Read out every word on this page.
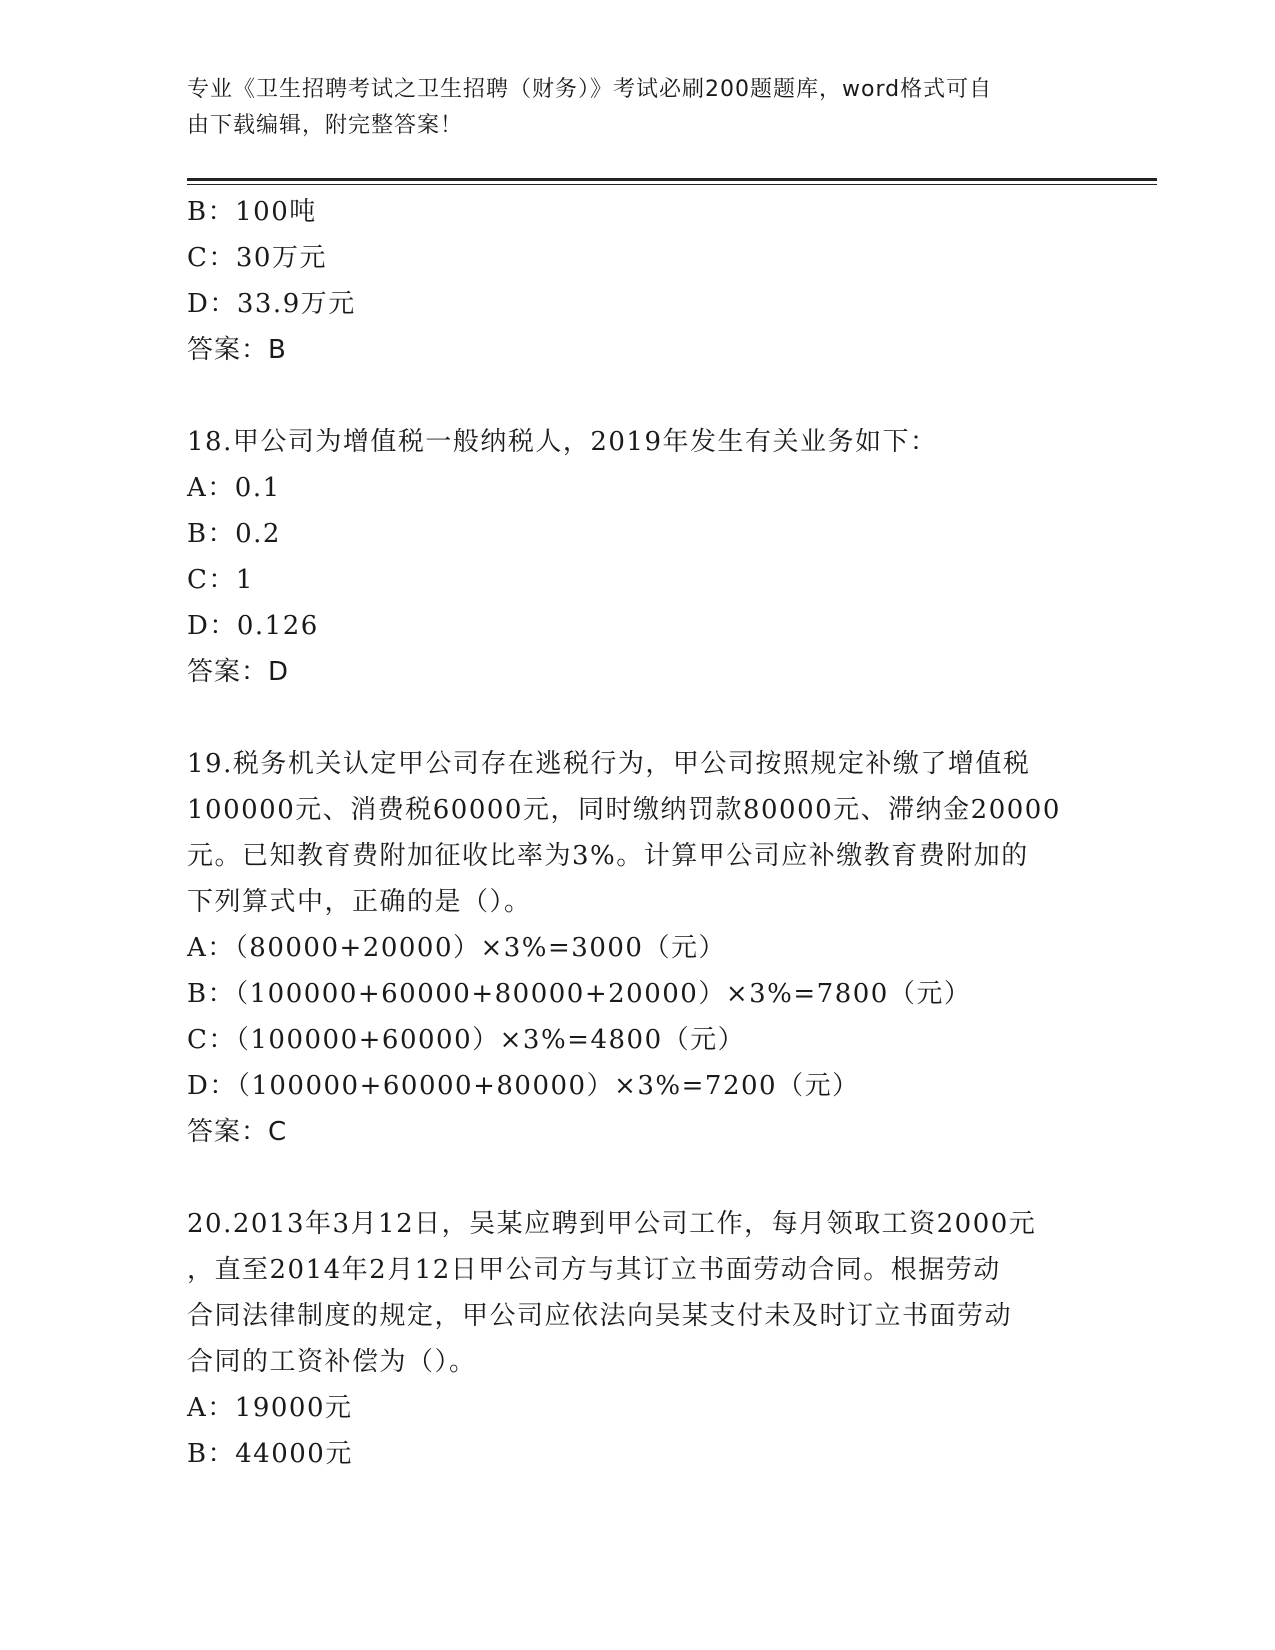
专业《卫生招聘考试之卫生招聘（财务）》考试必刷200题题库，word格式可自
由下载编辑，附完整答案！
B：100吨
C：30万元
D：33.9万元
答案：B
18.甲公司为增值税一般纳税人，2019年发生有关业务如下：
A：0.1
B：0.2
C：1
D：0.126
答案：D
19.税务机关认定甲公司存在逃税行为，甲公司按照规定补缴了增值税
100000元、消费税60000元，同时缴纳罚款80000元、滞纳金20000
元。已知教育费附加征收比率为3%。计算甲公司应补缴教育费附加的
下列算式中，正确的是（）。
A：（80000+20000）×3%=3000（元）
B：（100000+60000+80000+20000）×3%=7800（元）
C：（100000+60000）×3%=4800（元）
D：（100000+60000+80000）×3%=7200（元）
答案：C
20.2013年3月12日，吴某应聘到甲公司工作，每月领取工资2000元
，直至2014年2月12日甲公司方与其订立书面劳动合同。根据劳动
合同法律制度的规定，甲公司应依法向吴某支付未及时订立书面劳动
合同的工资补偿为（）。
A：19000元
B：44000元
